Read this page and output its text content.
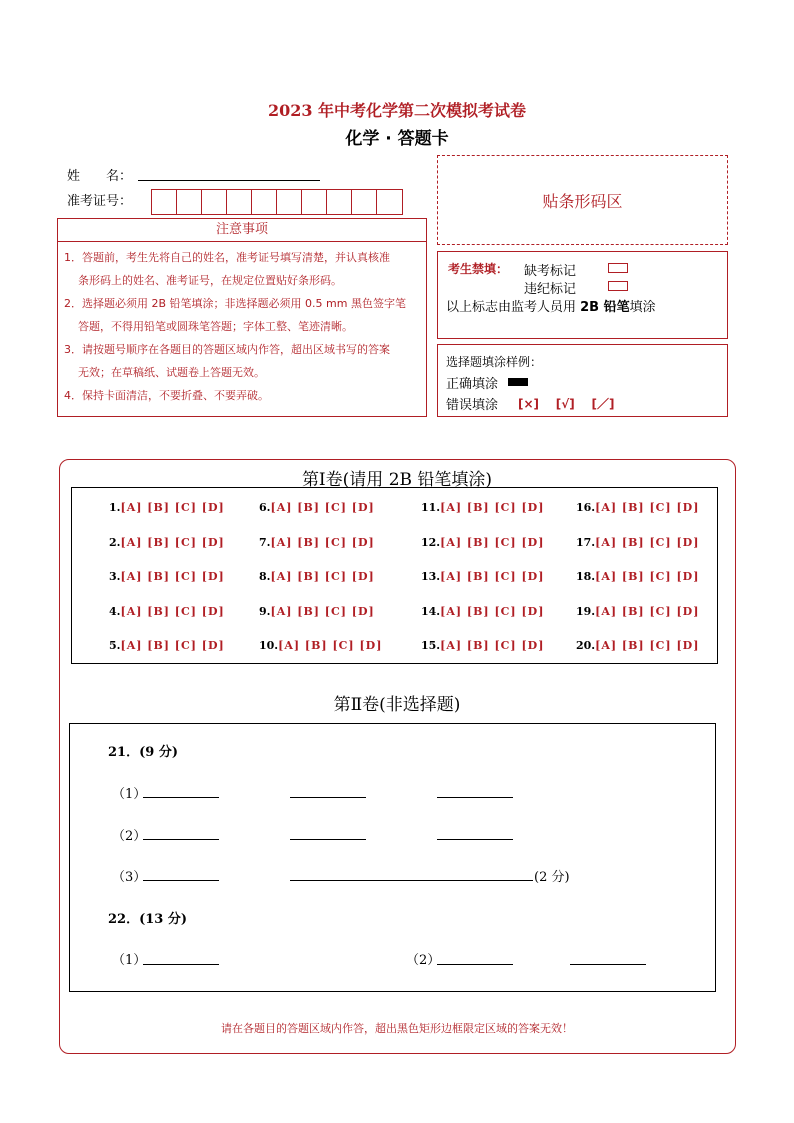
2023 年中考化学第二次模拟考试卷
化学 · 答题卡
姓　　名：
准考证号：	贴条形码区
注意事项

1．答题前，考生先将自己的姓名，准考证号填写清楚，并认真核准

条形码上的姓名、准考证号，在规定位置贴好条形码。

2．选择题必须用 2B 铅笔填涂；非选择题必须用 0.5 mm 黑色签字笔

答题，不得用铅笔或圆珠笔答题；字体工整、笔迹清晰。

3．请按题号顺序在各题目的答题区域内作答，超出区域书写的答案

无效；在草稿纸、试题卷上答题无效。

4．保持卡面清洁，不要折叠、不要弄破。

考生禁填： 缺考标记
违纪标记
以上标志由监考人员用 2B 铅笔填涂
选择题填涂样例：
正确填涂
错误填涂 [×] [√] [／]
第Ⅰ卷(请用 2B 铅笔填涂)
1.[A] [B] [C] [D]
2.[A] [B] [C] [D]
3.[A] [B] [C] [D]
4.[A] [B] [C] [D]
5.[A] [B] [C] [D]
6.[A] [B] [C] [D]
7.[A] [B] [C] [D]
8.[A] [B] [C] [D]
9.[A] [B] [C] [D]
10.[A] [B] [C] [D]
11.[A] [B] [C] [D]
12.[A] [B] [C] [D]
13.[A] [B] [C] [D]
14.[A] [B] [C] [D]
15.[A] [B] [C] [D]
16.[A] [B] [C] [D]
17.[A] [B] [C] [D]
18.[A] [B] [C] [D]
19.[A] [B] [C] [D]
20.[A] [B] [C] [D]
第Ⅱ卷(非选择题)
21．(9 分)
（1）
（2）
（3）	(2 分)
22．(13 分)
（1）	（2）
请在各题目的答题区域内作答，超出黑色矩形边框限定区域的答案无效！
